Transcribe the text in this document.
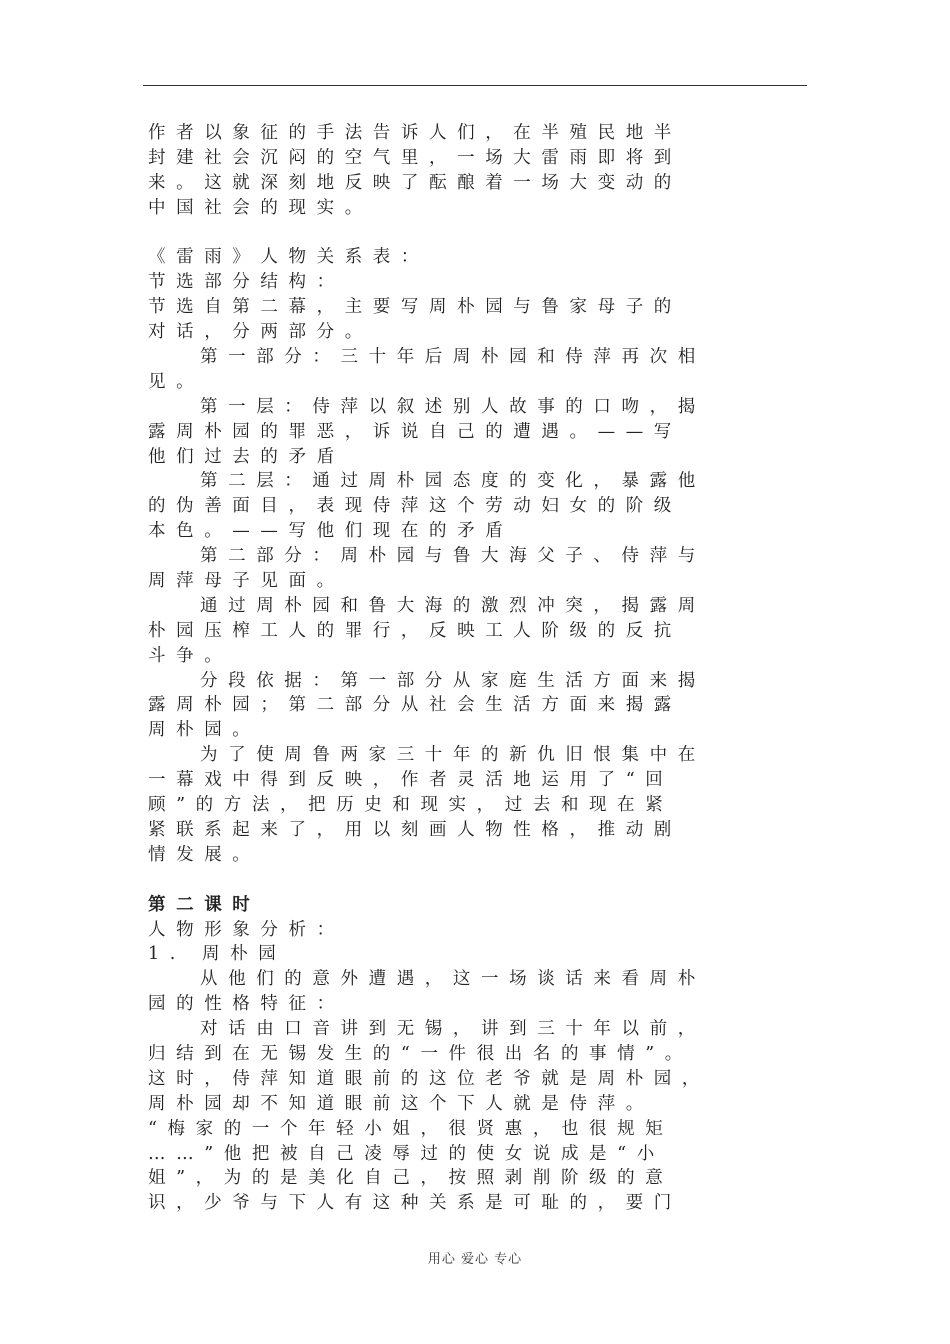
作者以象征的手法告诉人们，在半殖民地半
封建社会沉闷的空气里，一场大雷雨即将到
来。这就深刻地反映了酝酿着一场大变动的
中国社会的现实。
《雷雨》人物关系表：
节选部分结构：
节选自第二幕，主要写周朴园与鲁家母子的
对话，分两部分。
第一部分：三十年后周朴园和侍萍再次相
见。
第一层：侍萍以叙述别人故事的口吻，揭
露周朴园的罪恶，诉说自己的遭遇。——写
他们过去的矛盾
第二层：通过周朴园态度的变化，暴露他
的伪善面目，表现侍萍这个劳动妇女的阶级
本色。——写他们现在的矛盾
第二部分：周朴园与鲁大海父子、侍萍与
周萍母子见面。
通过周朴园和鲁大海的激烈冲突，揭露周
朴园压榨工人的罪行，反映工人阶级的反抗
斗争。
分段依据：第一部分从家庭生活方面来揭
露周朴园；第二部分从社会生活方面来揭露
周朴园。
为了使周鲁两家三十年的新仇旧恨集中在
一幕戏中得到反映，作者灵活地运用了“回
顾”的方法，把历史和现实，过去和现在紧
紧联系起来了，用以刻画人物性格，推动剧
情发展。
第二课时
人物形象分析：
1. 周朴园
从他们的意外遭遇，这一场谈话来看周朴
园的性格特征：
对话由口音讲到无锡，讲到三十年以前，
归结到在无锡发生的“一件很出名的事情”。
这时，侍萍知道眼前的这位老爷就是周朴园，
周朴园却不知道眼前这个下人就是侍萍。
“梅家的一个年轻小姐，很贤惠，也很规矩
……”他把被自己凌辱过的使女说成是“小
姐”，为的是美化自己，按照剥削阶级的意
识，少爷与下人有这种关系是可耻的，要门
用心 爱心 专心
